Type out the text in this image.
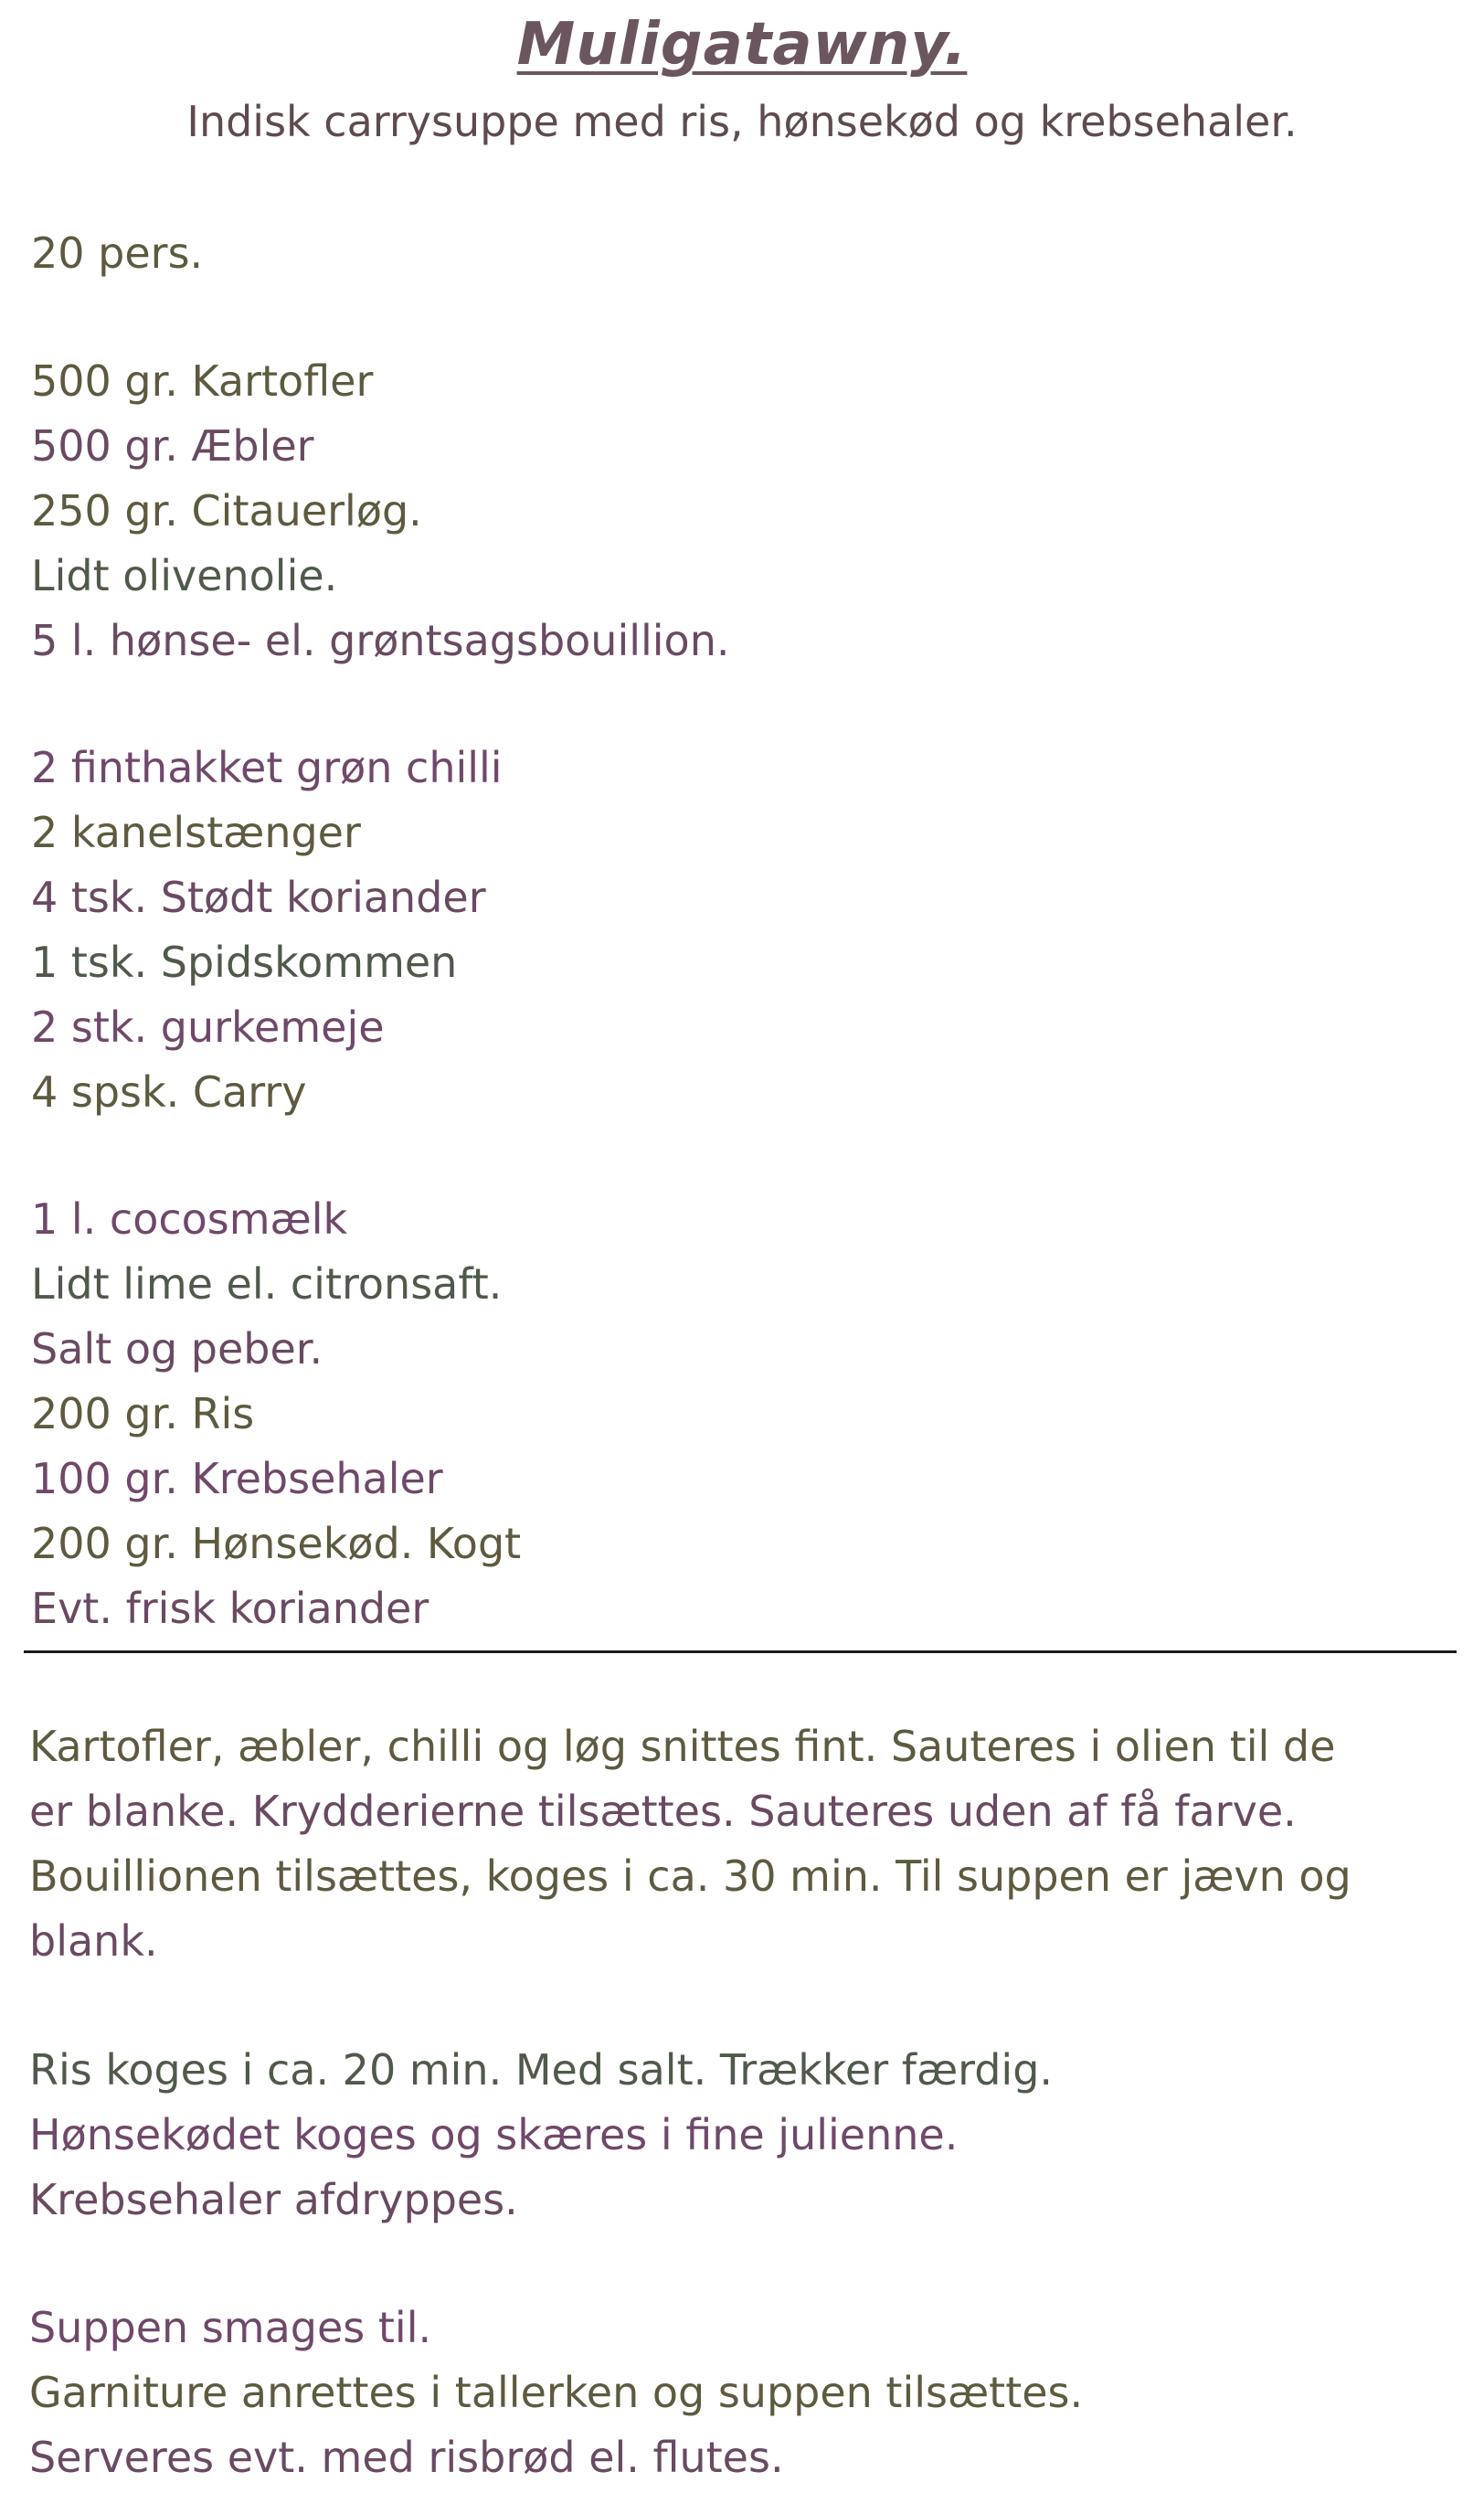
Muligatawny.
Indisk carrysuppe med ris, hønsekød og krebsehaler.
20 pers.
500 gr. Kartofler
500 gr. Æbler
250 gr. Citauerløg.
Lidt olivenolie.
5 l. hønse- el. grøntsagsbouillion.
2 finthakket grøn chilli
2 kanelstænger
4 tsk. Stødt koriander
1 tsk. Spidskommen
2 stk. gurkemeje
4 spsk. Carry
1 l. cocosmælk
Lidt lime el. citronsaft.
Salt og peber.
200 gr. Ris
100 gr. Krebsehaler
200 gr. Hønsekød. Kogt
Evt. frisk koriander
Kartofler, æbler, chilli og løg snittes fint. Sauteres i olien til de
er blanke. Krydderierne tilsættes. Sauteres uden af få farve.
Bouillionen tilsættes, koges i ca. 30 min. Til suppen er jævn og
blank.
Ris koges i ca. 20 min. Med salt. Trækker færdig.
Hønsekødet koges og skæres i fine julienne.
Krebsehaler afdryppes.
Suppen smages til.
Garniture anrettes i tallerken og suppen tilsættes.
Serveres evt. med risbrød el. flutes.
